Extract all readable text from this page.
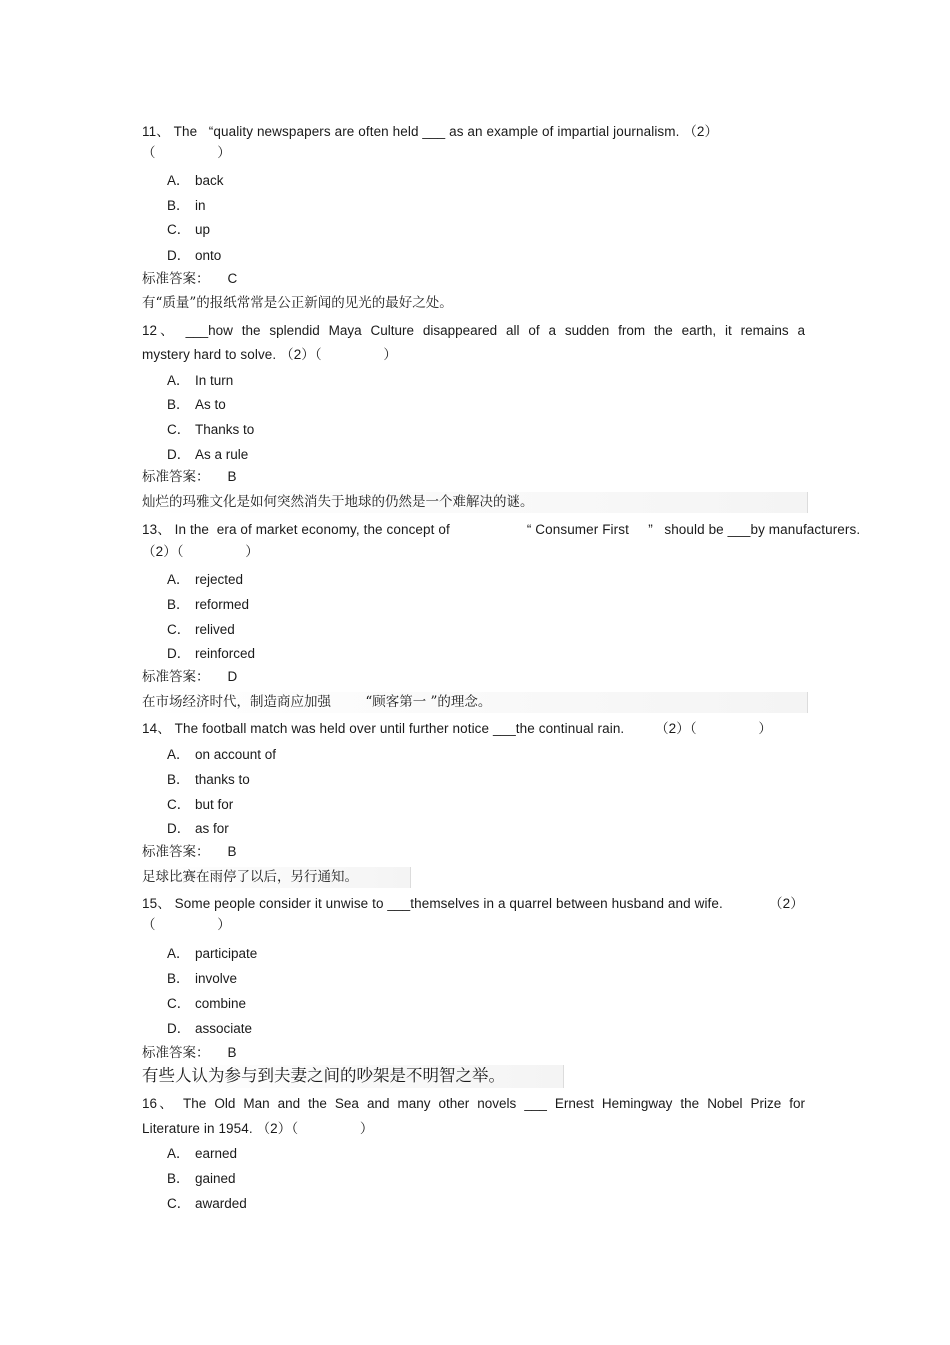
11、 The   “quality newspapers are often held ___ as an example of impartial journalism. （2）
（                ）
A． back
B． in
C． up
D． onto
标准答案： C
有“质量”的报纸常常是公正新闻的见光的最好之处。
12、 ___how the splendid Maya Culture disappeared all of a sudden from the earth, it remains a
mystery hard to solve. （2）（                ）
A． In turn
B． As to
C． Thanks to
D． As a rule
标准答案： B
灿烂的玛雅文化是如何突然消失于地球的仍然是一个难解决的谜。
13、 In the  era of market economy, the concept of                    “ Consumer First     ”   should be ___by manufacturers.
（2）（                ）
A． rejected
B． reformed
C． relived
D． reinforced
标准答案： D
在市场经济时代，制造商应加强        “顾客第一 ”的理念。
14、 The football match was held over until further notice ___the continual rain.        （2）（                ）
A． on account of
B． thanks to
C． but for
D． as for
标准答案： B
足球比赛在雨停了以后，另行通知。
15、 Some people consider it unwise to ___themselves in a quarrel between husband and wife.            （2）
（                ）
A． participate
B． involve
C． combine
D． associate
标准答案： B
有些人认为参与到夫妻之间的吵架是不明智之举。
16、 The Old Man and the Sea and many other novels ___ Ernest Hemingway the Nobel Prize for
Literature in 1954. （2）（                ）
A． earned
B． gained
C． awarded
